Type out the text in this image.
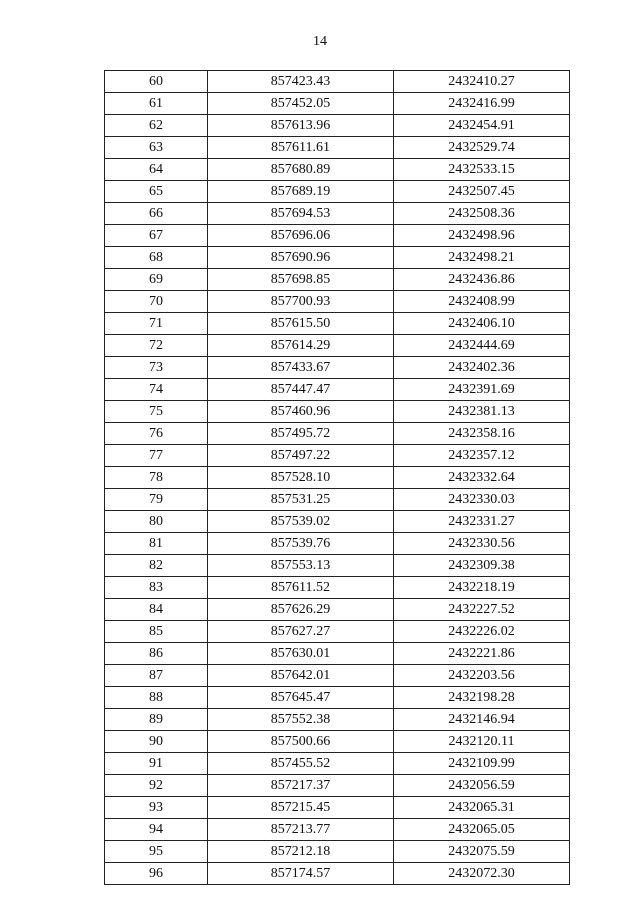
14
60	857423.43	2432410.27
61	857452.05	2432416.99
62	857613.96	2432454.91
63	857611.61	2432529.74
64	857680.89	2432533.15
65	857689.19	2432507.45
66	857694.53	2432508.36
67	857696.06	2432498.96
68	857690.96	2432498.21
69	857698.85	2432436.86
70	857700.93	2432408.99
71	857615.50	2432406.10
72	857614.29	2432444.69
73	857433.67	2432402.36
74	857447.47	2432391.69
75	857460.96	2432381.13
76	857495.72	2432358.16
77	857497.22	2432357.12
78	857528.10	2432332.64
79	857531.25	2432330.03
80	857539.02	2432331.27
81	857539.76	2432330.56
82	857553.13	2432309.38
83	857611.52	2432218.19
84	857626.29	2432227.52
85	857627.27	2432226.02
86	857630.01	2432221.86
87	857642.01	2432203.56
88	857645.47	2432198.28
89	857552.38	2432146.94
90	857500.66	2432120.11
91	857455.52	2432109.99
92	857217.37	2432056.59
93	857215.45	2432065.31
94	857213.77	2432065.05
95	857212.18	2432075.59
96	857174.57	2432072.30
